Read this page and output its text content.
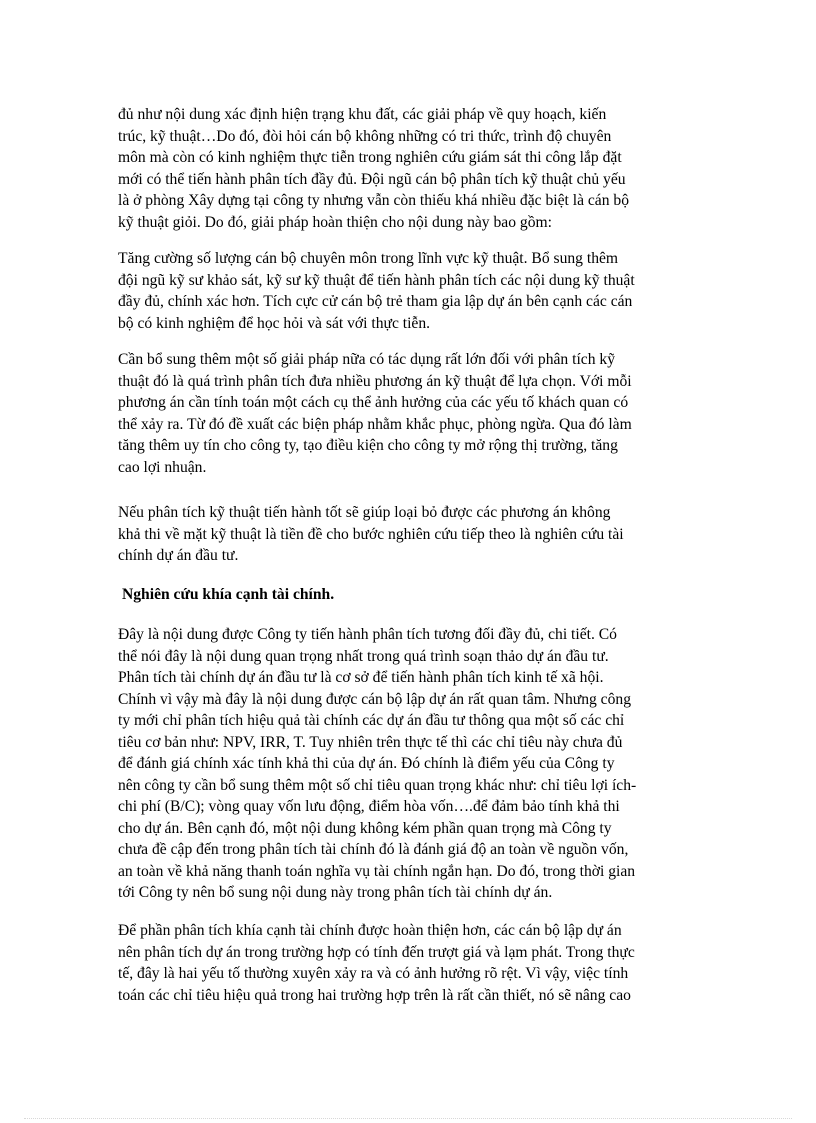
đủ như nội dung xác định hiện trạng khu đất, các giải pháp về quy hoạch, kiến
trúc, kỹ thuật…Do đó, đòi hỏi cán bộ không những có tri thức, trình độ chuyên
môn mà còn có kinh nghiệm thực tiễn trong nghiên cứu giám sát thi công lắp đặt
mới có thể tiến hành phân tích đầy đủ. Đội ngũ cán bộ phân tích kỹ thuật chủ yếu
là ở phòng Xây dựng tại công ty nhưng vẫn còn thiếu khá nhiều đặc biệt là cán bộ
kỹ thuật giỏi. Do đó, giải pháp hoàn thiện cho nội dung này bao gồm:

Tăng cường số lượng cán bộ chuyên môn trong lĩnh vực kỹ thuật. Bổ sung thêm
đội ngũ kỹ sư khảo sát, kỹ sư kỹ thuật để tiến hành phân tích các nội dung kỹ thuật
đầy đủ, chính xác hơn. Tích cực cử cán bộ trẻ tham gia lập dự án bên cạnh các cán
bộ có kinh nghiệm để học hỏi và sát với thực tiễn.

Cần bổ sung thêm một số giải pháp nữa có tác dụng rất lớn đối với phân tích kỹ
thuật đó là quá trình phân tích đưa nhiều phương án kỹ thuật để lựa chọn. Với mỗi
phương án cần tính toán một cách cụ thể ảnh hưởng của các yếu tố khách quan có
thể xảy ra. Từ đó đề xuất các biện pháp nhằm khắc phục, phòng ngừa. Qua đó làm
tăng thêm uy tín cho công ty, tạo điều kiện cho công ty mở rộng thị trường, tăng
cao lợi nhuận.

Nếu phân tích kỹ thuật tiến hành tốt sẽ giúp loại bỏ được các phương án không
khả thi về mặt kỹ thuật là tiền đề cho bước nghiên cứu tiếp theo là nghiên cứu tài
chính dự án đầu tư.

Nghiên cứu khía cạnh tài chính.

Đây là nội dung được Công ty tiến hành phân tích tương đối đầy đủ, chi tiết. Có
thể nói đây là nội dung quan trọng nhất trong quá trình soạn thảo dự án đầu tư.
Phân tích tài chính dự án đầu tư là cơ sở để tiến hành phân tích kinh tế xã hội.
Chính vì vậy mà đây là nội dung được cán bộ lập dự án rất quan tâm. Nhưng công
ty mới chỉ phân tích hiệu quả tài chính các dự án đầu tư thông qua một số các chỉ
tiêu cơ bản như: NPV, IRR, T. Tuy nhiên trên thực tế thì các chỉ tiêu này chưa đủ
để đánh giá chính xác tính khả thi của dự án. Đó chính là điểm yếu của Công ty
nên công ty cần bổ sung thêm một số chỉ tiêu quan trọng khác như: chỉ tiêu lợi ích-
chi phí (B/C); vòng quay vốn lưu động, điểm hòa vốn….để đảm bảo tính khả thi
cho dự án. Bên cạnh đó, một nội dung không kém phần quan trọng mà Công ty
chưa đề cập đến trong phân tích tài chính đó là đánh giá độ an toàn về nguồn vốn,
an toàn về khả năng thanh toán nghĩa vụ tài chính ngắn hạn. Do đó, trong thời gian
tới Công ty nên bổ sung nội dung này trong phân tích tài chính dự án.

Để phần phân tích khía cạnh tài chính được hoàn thiện hơn, các cán bộ lập dự án
nên phân tích dự án trong trường hợp có tính đến trượt giá và lạm phát. Trong thực
tế, đây là hai yếu tố thường xuyên xảy ra và có ảnh hưởng rõ rệt. Vì vậy, việc tính
toán các chỉ tiêu hiệu quả trong hai trường hợp trên là rất cần thiết, nó sẽ nâng cao
